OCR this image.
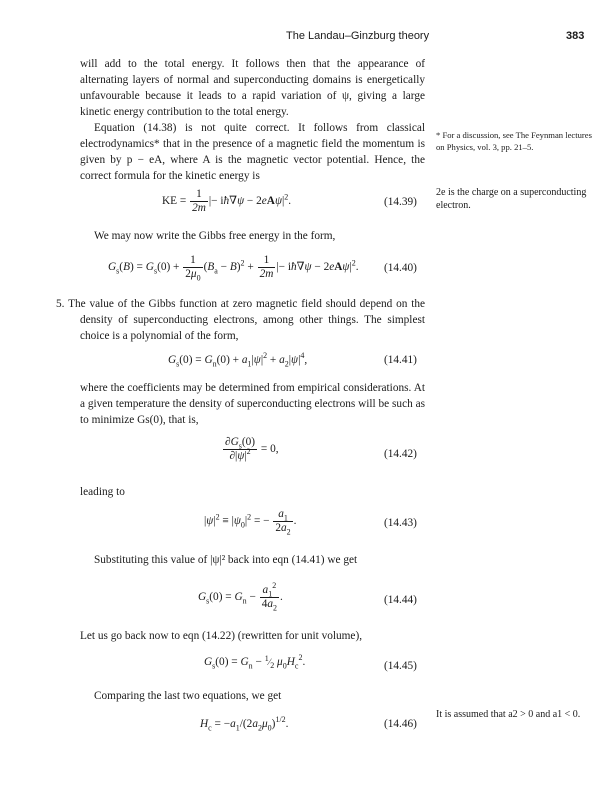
The Landau–Ginzburg theory	383

will add to the total energy. It follows then that the appearance of alternating layers of normal and superconducting domains is energetically unfavourable because it leads to a rapid variation of ψ, giving a large kinetic energy contribution to the total energy.

Equation (14.38) is not quite correct. It follows from classical electrodynamics* that in the presence of a magnetic field the momentum is given by p − eA, where A is the magnetic vector potential. Hence, the correct formula for the kinetic energy is

KE = $\frac{1}{2m}$ |− iħ∇ψ − $2eA\psi|^2$.	(14.39)

We may now write the Gibbs free energy in the form,

$G_s(B) = G_s(0) + \frac{1}{2\mu_0} (B_a - B)^2 + \frac{1}{2m}$ |− iħ∇ψ − $2eA\psi|^2$. (14.40)

5. The value of the Gibbs function at zero magnetic field should depend on the density of superconducting electrons, among other things. The simplest choice is a polynomial of the form,

$G_s(0) = G_n(0) + a_1|\psi|^2 + a_2|\psi|^4$,	(14.41)

where the coefficients may be determined from empirical considerations. At a given temperature the density of superconducting electrons will be such as to minimize Gs(0), that is,

$\frac{\partial G_s(0)}{\partial|\psi|^2} = 0$,	(14.42)

leading to

$|\psi|^2 \equiv |\psi_0|^2$ = − $\frac{a_1}{2a_2}$ .	(14.43)

Substituting this value of |ψ|² back into eqn (14.41) we get

$G_s(0) = G_n - \frac{a_1^2}{4a_2}$ .	(14.44)

Let us go back now to eqn (14.22) (rewritten for unit volume),

$G_s(0) = G_n$ − $^1⁄_2$ $\mu_0H_c^2$.	(14.45)

Comparing the last two equations, we get

$H_c = -a_1/(2a_2\mu_0)^{1/2}$.	(14.46)
* For a discussion, see The Feynman lectures on Physics, vol. 3, pp. 21–5.
2e is the charge on a superconducting electron.
It is assumed that a2 > 0 and a1 < 0.
